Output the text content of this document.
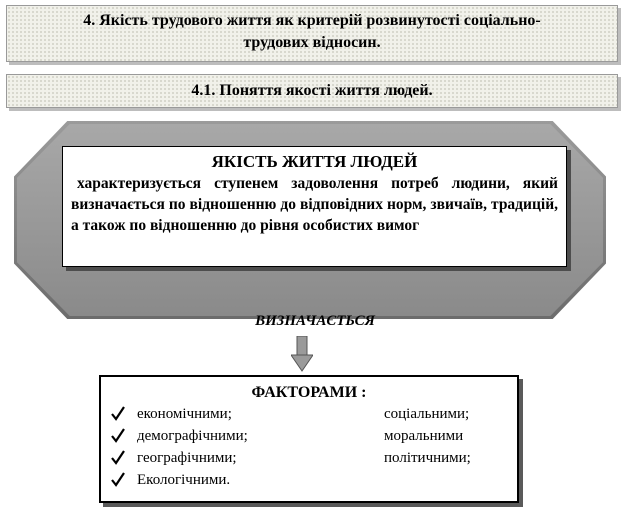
4. Якість трудового життя як критерій розвинутості соціально-
трудових відносин.
4.1. Поняття якості життя людей.
ЯКІСТЬ ЖИТТЯ ЛЮДЕЙ

характеризується ступенем задоволення потреб людини, який визначається по відношенню до відповідних норм, звичаїв, традицій, а також по відношенню до рівня особистих вимог

ВИЗНАЧАЄТЬСЯ
ФАКТОРАМИ :
економічними;
демографічними;
географічними;
Екологічними.
соціальними;
моральними
політичними;
